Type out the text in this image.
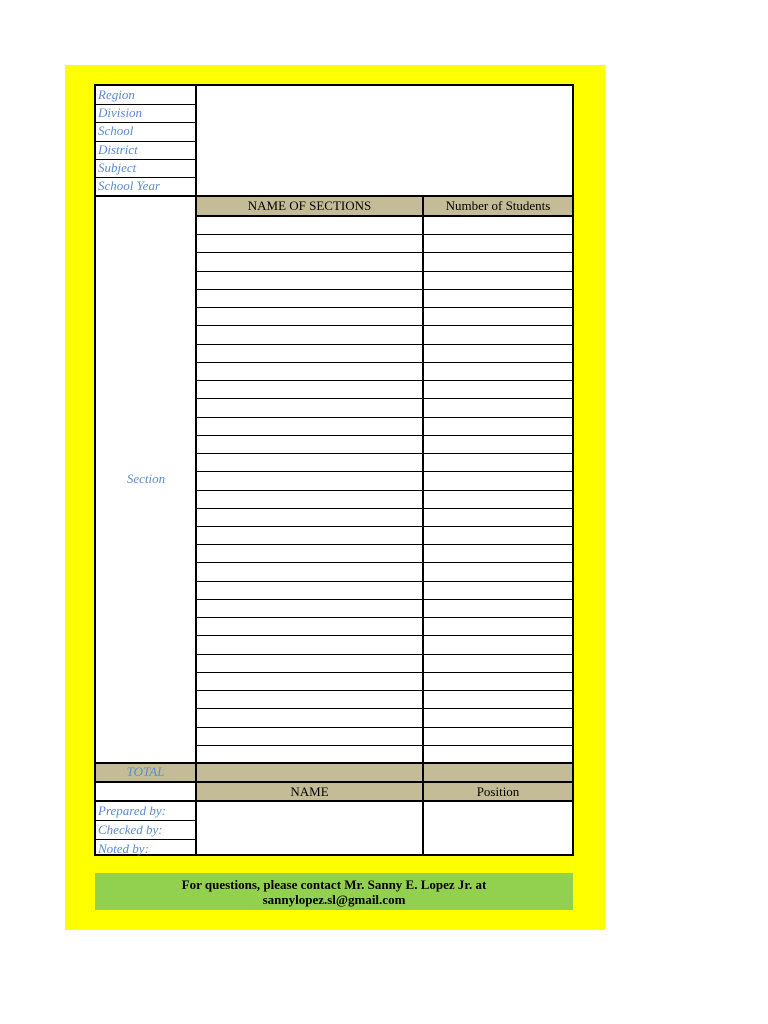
Region
Division
School
District
Subject
School Year
NAME OF SECTIONS	Number of Students
Section
TOTAL
NAME	Position
Prepared by:
Checked by:
Noted by:
For questions, please contact Mr. Sanny E. Lopez Jr. at
sannylopez.sl@gmail.com
